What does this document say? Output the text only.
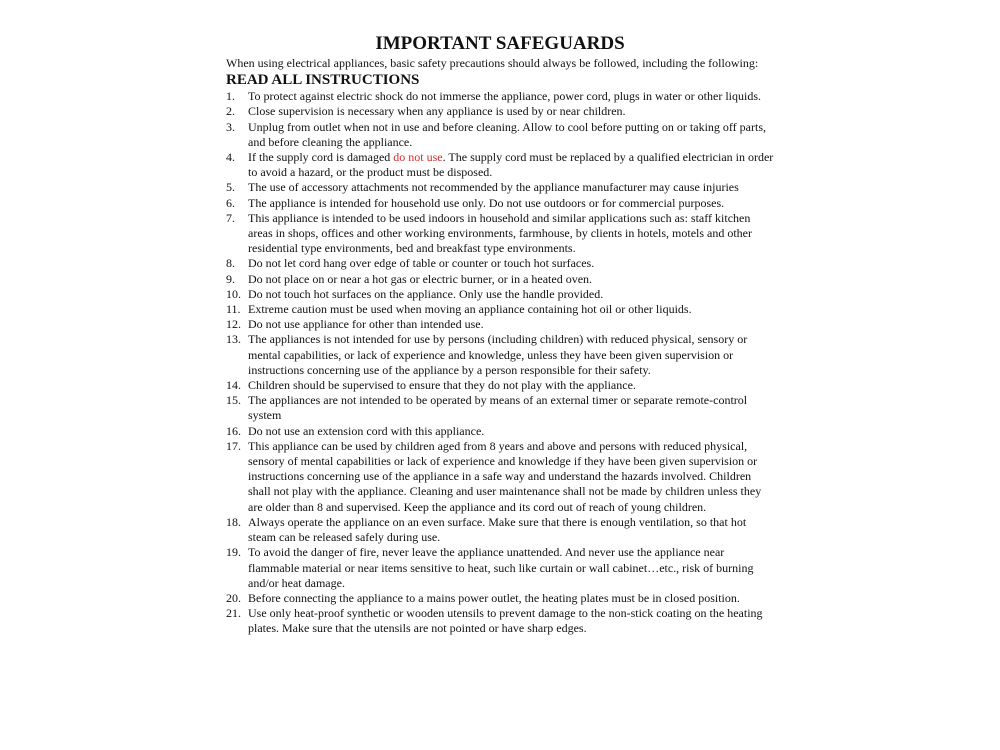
IMPORTANT SAFEGUARDS

When using electrical appliances, basic safety precautions should always be followed, including the following:

READ ALL INSTRUCTIONS
1. To protect against electric shock do not immerse the appliance, power cord, plugs in water or other liquids.
2. Close supervision is necessary when any appliance is used by or near children.
3. Unplug from outlet when not in use and before cleaning. Allow to cool before putting on or taking off parts, and before cleaning the appliance.
4. If the supply cord is damaged do not use. The supply cord must be replaced by a qualified electrician in order to avoid a hazard, or the product must be disposed.
5. The use of accessory attachments not recommended by the appliance manufacturer may cause injuries
6. The appliance is intended for household use only. Do not use outdoors or for commercial purposes.
7. This appliance is intended to be used indoors in household and similar applications such as: staff kitchen areas in shops, offices and other working environments, farmhouse, by clients in hotels, motels and other residential type environments, bed and breakfast type environments.
8. Do not let cord hang over edge of table or counter or touch hot surfaces.
9. Do not place on or near a hot gas or electric burner, or in a heated oven.
10. Do not touch hot surfaces on the appliance. Only use the handle provided.
11. Extreme caution must be used when moving an appliance containing hot oil or other liquids.
12. Do not use appliance for other than intended use.
13. The appliances is not intended for use by persons (including children) with reduced physical, sensory or mental capabilities, or lack of experience and knowledge, unless they have been given supervision or instructions concerning use of the appliance by a person responsible for their safety.
14. Children should be supervised to ensure that they do not play with the appliance.
15. The appliances are not intended to be operated by means of an external timer or separate remote-control system
16. Do not use an extension cord with this appliance.
17. This appliance can be used by children aged from 8 years and above and persons with reduced physical, sensory of mental capabilities or lack of experience and knowledge if they have been given supervision or instructions concerning use of the appliance in a safe way and understand the hazards involved. Children shall not play with the appliance. Cleaning and user maintenance shall not be made by children unless they are older than 8 and supervised. Keep the appliance and its cord out of reach of young children.
18. Always operate the appliance on an even surface. Make sure that there is enough ventilation, so that hot steam can be released safely during use.
19. To avoid the danger of fire, never leave the appliance unattended. And never use the appliance near flammable material or near items sensitive to heat, such like curtain or wall cabinet…etc., risk of burning and/or heat damage.
20. Before connecting the appliance to a mains power outlet, the heating plates must be in closed position.
21. Use only heat-proof synthetic or wooden utensils to prevent damage to the non-stick coating on the heating plates. Make sure that the utensils are not pointed or have sharp edges.
